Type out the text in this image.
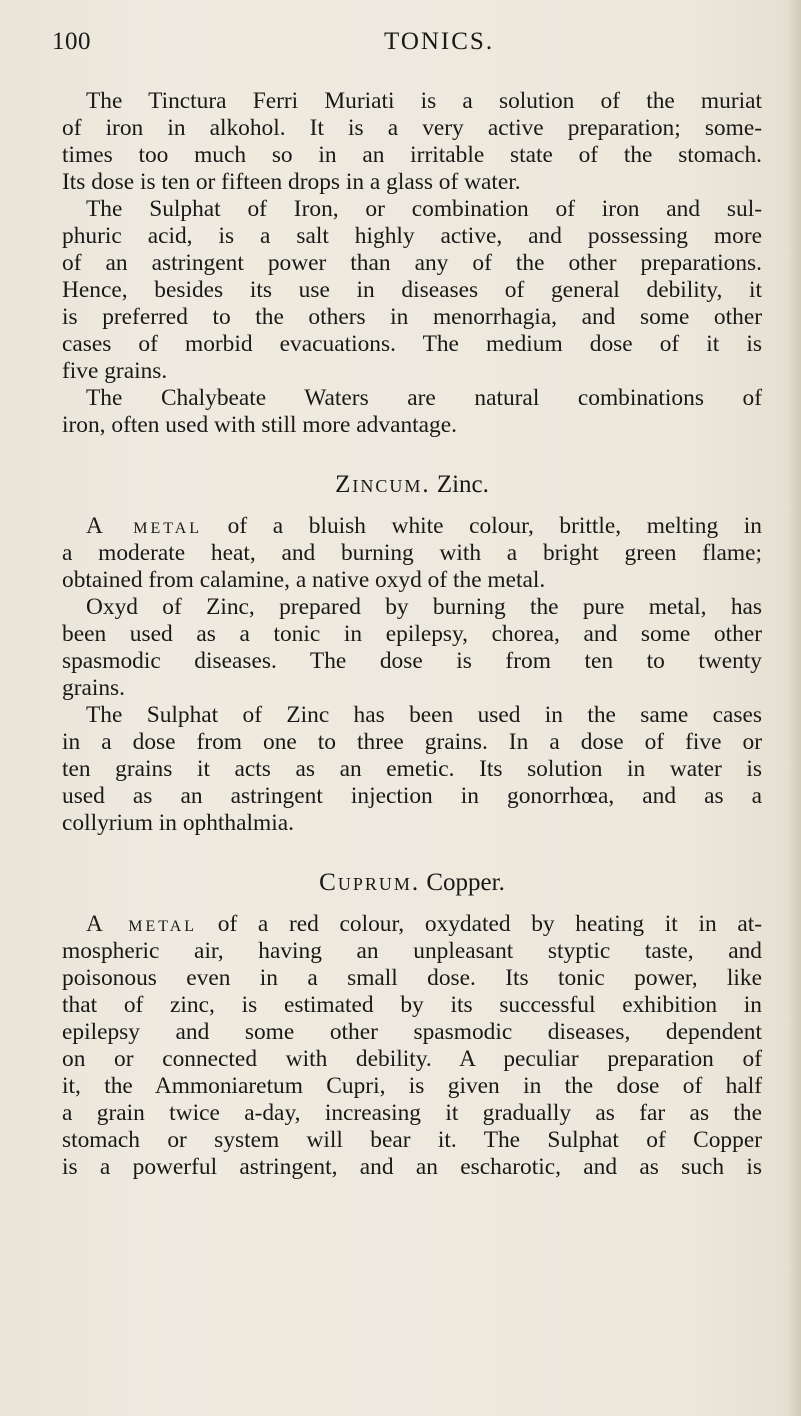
100	TONICS.
The Tinctura Ferri Muriati is a solution of the muriat
of iron in alkohol. It is a very active preparation; some-
times too much so in an irritable state of the stomach.
Its dose is ten or fifteen drops in a glass of water.
The Sulphat of Iron, or combination of iron and sul-
phuric acid, is a salt highly active, and possessing more
of an astringent power than any of the other preparations.
Hence, besides its use in diseases of general debility, it
is preferred to the others in menorrhagia, and some other
cases of morbid evacuations. The medium dose of it is
five grains.
The Chalybeate Waters are natural combinations of
iron, often used with still more advantage.
Zincum. Zinc.
A metal of a bluish white colour, brittle, melting in
a moderate heat, and burning with a bright green flame;
obtained from calamine, a native oxyd of the metal.
Oxyd of Zinc, prepared by burning the pure metal, has
been used as a tonic in epilepsy, chorea, and some other
spasmodic diseases. The dose is from ten to twenty
grains.
The Sulphat of Zinc has been used in the same cases
in a dose from one to three grains. In a dose of five or
ten grains it acts as an emetic. Its solution in water is
used as an astringent injection in gonorrhœa, and as a
collyrium in ophthalmia.
Cuprum. Copper.
A metal of a red colour, oxydated by heating it in at-
mospheric air, having an unpleasant styptic taste, and
poisonous even in a small dose. Its tonic power, like
that of zinc, is estimated by its successful exhibition in
epilepsy and some other spasmodic diseases, dependent
on or connected with debility. A peculiar preparation of
it, the Ammoniaretum Cupri, is given in the dose of half
a grain twice a-day, increasing it gradually as far as the
stomach or system will bear it. The Sulphat of Copper
is a powerful astringent, and an escharotic, and as such is
